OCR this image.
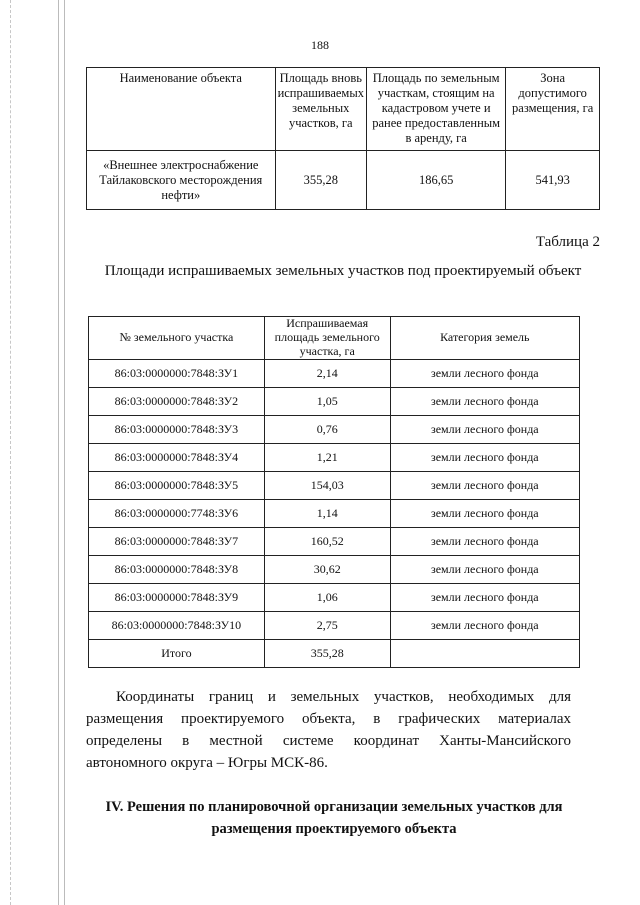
188
Наименование объекта	Площадь вновь испрашиваемых земельных участков, га	Площадь по земельным участкам, стоящим на кадастровом учете и ранее предоставленным в аренду, га	Зона допустимого размещения, га
«Внешнее электроснабжение Тайлаковского месторождения нефти»	355,28	186,65	541,93
Таблица 2
Площади испрашиваемых земельных участков под проектируемый объект
№ земельного участка	Испрашиваемая площадь земельного участка, га	Категория земель
86:03:0000000:7848:ЗУ1	2,14	земли лесного фонда
86:03:0000000:7848:ЗУ2	1,05	земли лесного фонда
86:03:0000000:7848:ЗУ3	0,76	земли лесного фонда
86:03:0000000:7848:ЗУ4	1,21	земли лесного фонда
86:03:0000000:7848:ЗУ5	154,03	земли лесного фонда
86:03:0000000:7748:ЗУ6	1,14	земли лесного фонда
86:03:0000000:7848:ЗУ7	160,52	земли лесного фонда
86:03:0000000:7848:ЗУ8	30,62	земли лесного фонда
86:03:0000000:7848:ЗУ9	1,06	земли лесного фонда
86:03:0000000:7848:ЗУ10	2,75	земли лесного фонда
Итого	355,28	
Координаты границ и земельных участков, необходимых для размещения проектируемого объекта, в графических материалах определены в местной системе координат Ханты-Мансийского автономного округа – Югры МСК-86.
IV. Решения по планировочной организации земельных участков для размещения проектируемого объекта
